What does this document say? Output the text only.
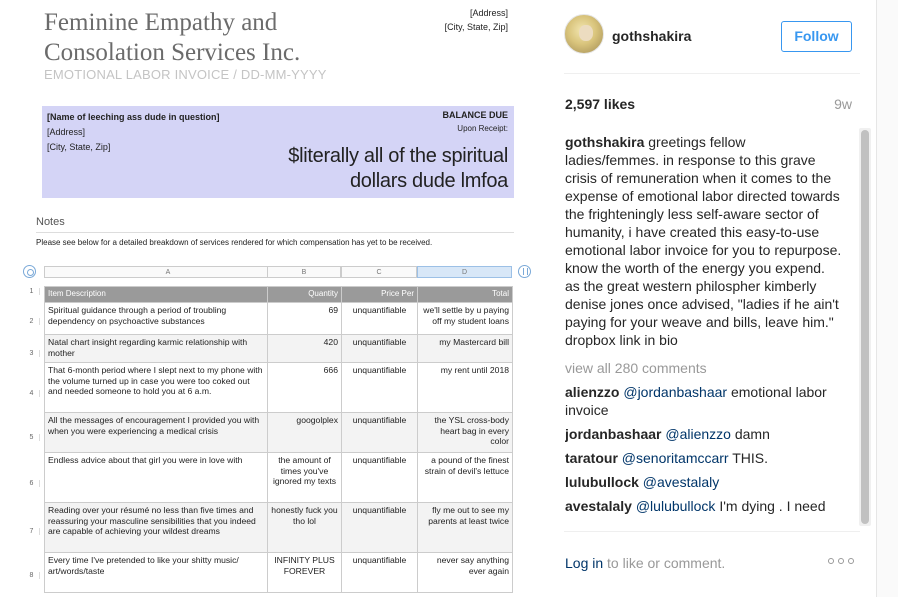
Feminine Empathy and
Consolation Services Inc.
EMOTIONAL LABOR INVOICE / DD-MM-YYYY
[Address]
[City, State, Zip]
[Name of leeching ass dude in question]
[Address]
[City, State, Zip]
BALANCE DUE
Upon Receipt:
$literally all of the spiritual
dollars dude lmfoa
Notes
Please see below for a detailed breakdown of services rendered for which compensation has yet to be received.
A	B	C	D
1
2
3
4
5
6
7
8
Item Description	Quantity	Price Per	Total
Spiritual guidance through a period of troubling dependency on psychoactive substances	69	unquantifiable	we'll settle by u paying off my student loans
Natal chart insight regarding karmic relationship with mother	420	unquantifiable	my Mastercard bill
That 6-month period where I slept next to my phone with the volume turned up in case you were too coked out and needed someone to hold you at 6 a.m.	666	unquantifiable	my rent until 2018
All the messages of encouragement I provided you with when you were experiencing a medical crisis	googolplex	unquantifiable	the YSL cross-body heart bag in every color
Endless advice about that girl you were in love with	the amount of times you've ignored my texts	unquantifiable	a pound of the finest strain of devil's lettuce
Reading over your résumé no less than five times and reassuring your masculine sensibilities that you indeed are capable of achieving your wildest dreams	honestly fuck you tho lol	unquantifiable	fly me out to see my parents at least twice
Every time I've pretended to like your shitty music/ art/words/taste	INFINITY PLUS FOREVER	unquantifiable	never say anything ever again
gothshakira	Follow
2,597 likes	9w
gothshakira greetings fellow ladies/femmes. in response to this grave crisis of remuneration when it comes to the expense of emotional labor directed towards the frighteningly less self-aware sector of humanity, i have created this easy-to-use emotional labor invoice for you to repurpose. know the worth of the energy you expend. as the great western philospher kimberly denise jones once advised, "ladies if he ain't paying for your weave and bills, leave him." dropbox link in bio
view all 280 comments
alienzzo @jordanbashaar emotional labor invoice
jordanbashaar @alienzzo damn
taratour @senoritamccarr THIS.
lulubullock @avestalaly
avestalaly @lulubullock I'm dying . I need
Log in to like or comment.
